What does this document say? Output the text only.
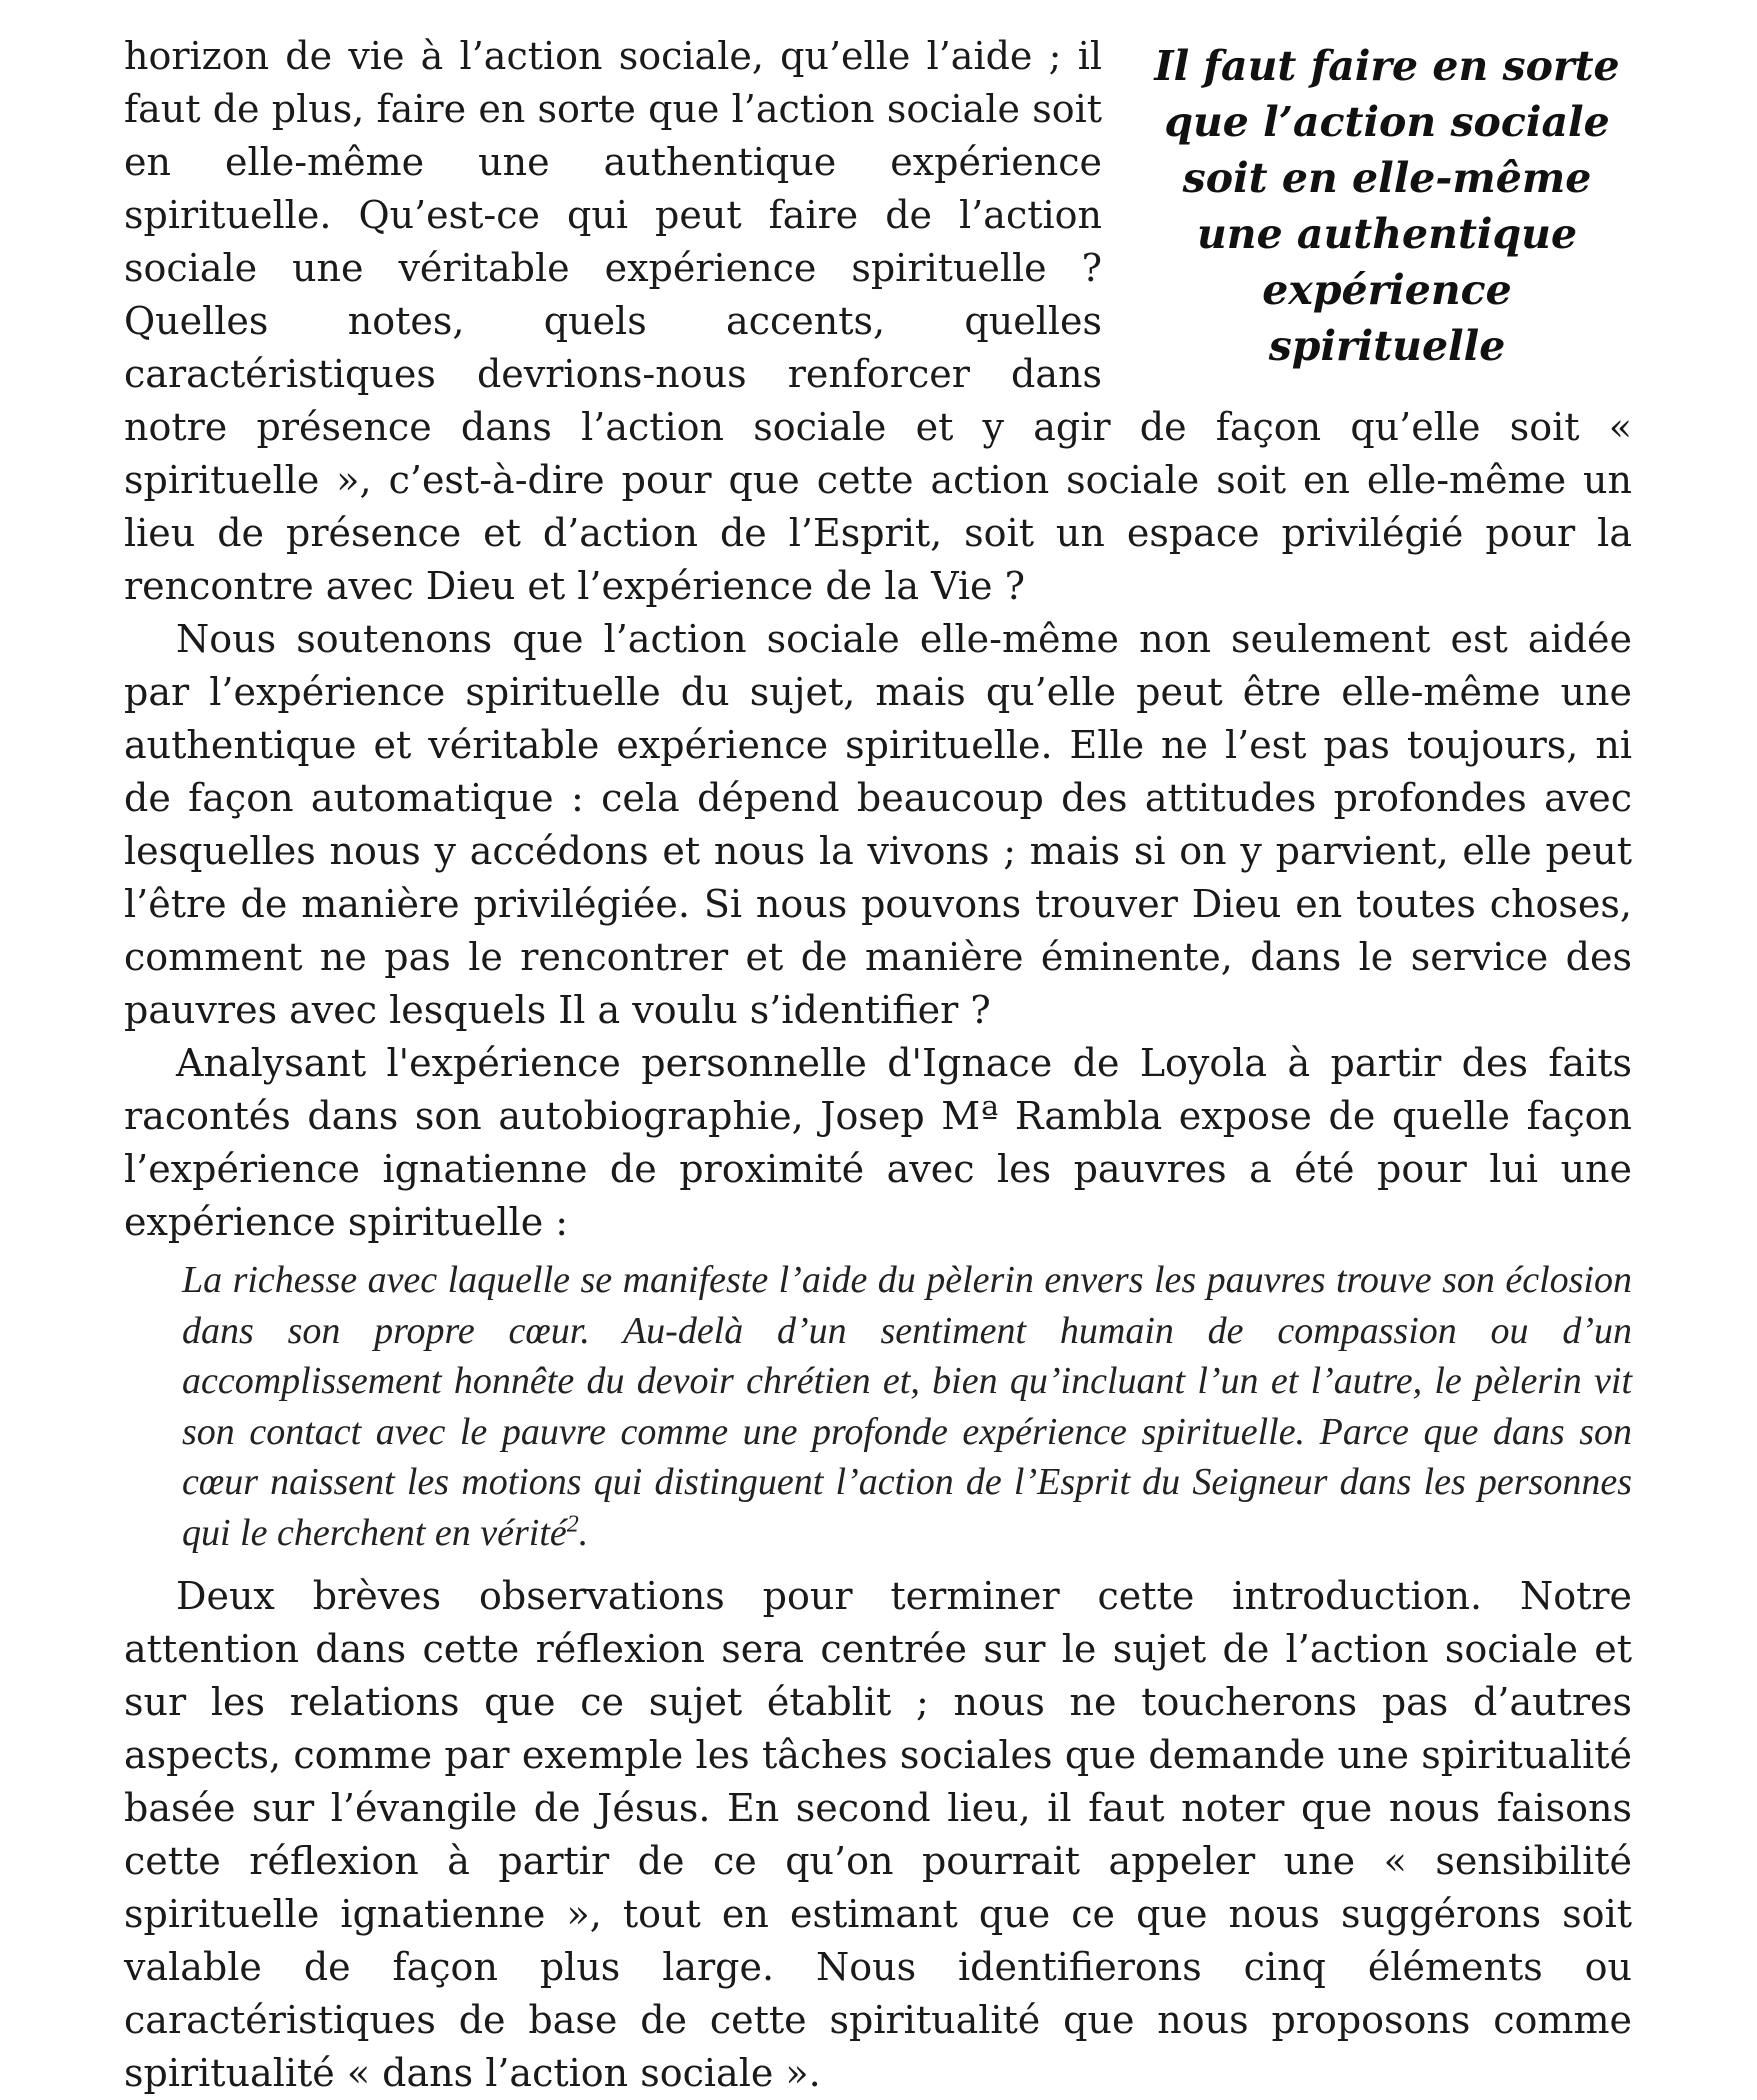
Il faut faire en sorte que l’action sociale soit en elle-même une authentique expérience spirituelle

horizon de vie à l’action sociale, qu’elle l’aide ; il faut de plus, faire en sorte que l’action sociale soit en elle-même une authentique expérience spirituelle. Qu’est-ce qui peut faire de l’action sociale une véritable expérience spirituelle ? Quelles notes, quels accents, quelles caractéristiques devrions-nous renforcer dans notre présence dans l’action sociale et y agir de façon qu’elle soit « spirituelle », c’est-à-dire pour que cette action sociale soit en elle-même un lieu de présence et d’action de l’Esprit, soit un espace privilégié pour la rencontre avec Dieu et l’expérience de la Vie ?

Nous soutenons que l’action sociale elle-même non seulement est aidée par l’expérience spirituelle du sujet, mais qu’elle peut être elle-même une authentique et véritable expérience spirituelle. Elle ne l’est pas toujours, ni de façon automatique : cela dépend beaucoup des attitudes profondes avec lesquelles nous y accédons et nous la vivons ; mais si on y parvient, elle peut l’être de manière privilégiée. Si nous pouvons trouver Dieu en toutes choses, comment ne pas le rencontrer et de manière éminente, dans le service des pauvres avec lesquels Il a voulu s’identifier ?

Analysant l'expérience personnelle d'Ignace de Loyola à partir des faits racontés dans son autobiographie, Josep Mª Rambla expose de quelle façon l’expérience ignatienne de proximité avec les pauvres a été pour lui une expérience spirituelle :

La richesse avec laquelle se manifeste l’aide du pèlerin envers les pauvres trouve son éclosion dans son propre cœur. Au-delà d’un sentiment humain de compassion ou d’un accomplissement honnête du devoir chrétien et, bien qu’incluant l’un et l’autre, le pèlerin vit son contact avec le pauvre comme une profonde expérience spirituelle. Parce que dans son cœur naissent les motions qui distinguent l’action de l’Esprit du Seigneur dans les personnes qui le cherchent en vérité$^2$.

Deux brèves observations pour terminer cette introduction. Notre attention dans cette réflexion sera centrée sur le sujet de l’action sociale et sur les relations que ce sujet établit ; nous ne toucherons pas d’autres aspects, comme par exemple les tâches sociales que demande une spiritualité basée sur l’évangile de Jésus. En second lieu, il faut noter que nous faisons cette réflexion à partir de ce qu’on pourrait appeler une « sensibilité spirituelle ignatienne », tout en estimant que ce que nous suggérons soit valable de façon plus large. Nous identifierons cinq éléments ou caractéristiques de base de cette spiritualité que nous proposons comme spiritualité « dans l’action sociale ».
